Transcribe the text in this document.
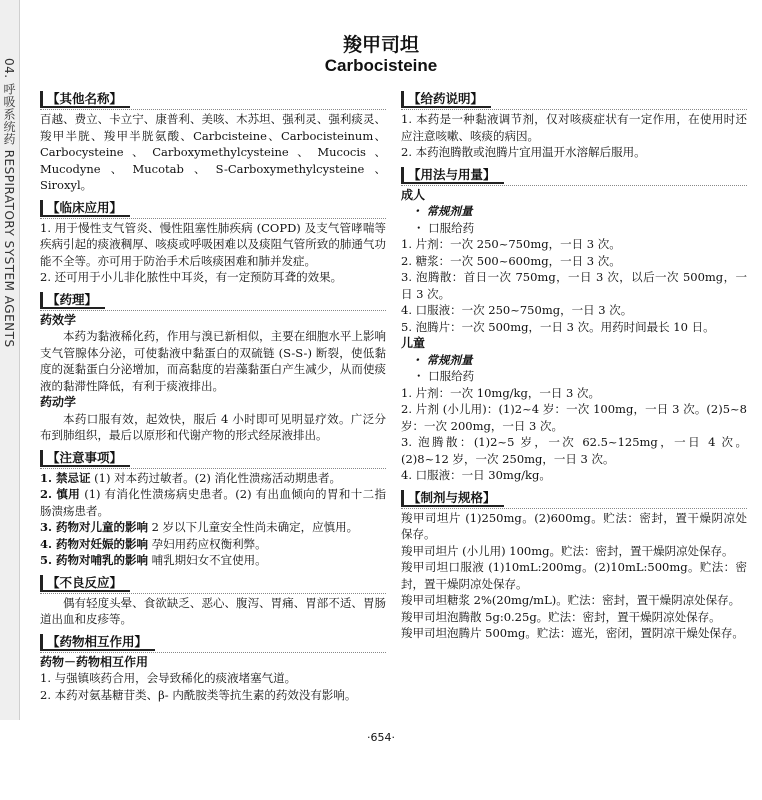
04. 呼吸系统药 RESPIRATORY SYSTEM AGENTS
羧甲司坦
Carbocisteine
【其他名称】

百越、费立、卡立宁、康普利、美咳、木苏坦、强利灵、强利痰灵、羧甲半胱、羧甲半胱氨酸、Carbcisteine、Carbocisteinum、Carbocysteine、Carboxymethylcysteine、Mucocis、Mucodyne、Mucotab、S-Carboxymethylcysteine、Siroxyl。

【临床应用】

1. 用于慢性支气管炎、慢性阻塞性肺疾病 (COPD) 及支气管哮喘等疾病引起的痰液稠厚、咳痰或呼吸困难以及痰阻气管所致的肺通气功能不全等。亦可用于防治手术后咳痰困难和肺并发症。

2. 还可用于小儿非化脓性中耳炎，有一定预防耳聋的效果。

【药理】
药效学

本药为黏液稀化药，作用与溴已新相似，主要在细胞水平上影响支气管腺体分泌，可使黏液中黏蛋白的双硫链 (S-S-) 断裂，使低黏度的涎黏蛋白分泌增加，而高黏度的岩藻黏蛋白产生减少，从而使痰液的黏滞性降低，有利于痰液排出。

药动学

本药口服有效，起效快，服后 4 小时即可见明显疗效。广泛分布到肺组织，最后以原形和代谢产物的形式经尿液排出。

【注意事项】

1. 禁忌证 (1) 对本药过敏者。(2) 消化性溃疡活动期患者。

2. 慎用 (1) 有消化性溃疡病史患者。(2) 有出血倾向的胃和十二指肠溃疡患者。

3. 药物对儿童的影响 2 岁以下儿童安全性尚未确定，应慎用。

4. 药物对妊娠的影响 孕妇用药应权衡利弊。

5. 药物对哺乳的影响 哺乳期妇女不宜使用。

【不良反应】

偶有轻度头晕、食欲缺乏、恶心、腹泻、胃痛、胃部不适、胃肠道出血和皮疹等。

【药物相互作用】
药物－药物相互作用

1. 与强镇咳药合用，会导致稀化的痰液堵塞气道。

2. 本药对氨基糖苷类、β- 内酰胺类等抗生素的药效没有影响。

【给药说明】

1. 本药是一种黏液调节剂，仅对咳痰症状有一定作用，在使用时还应注意咳嗽、咳痰的病因。

2. 本药泡腾散或泡腾片宜用温开水溶解后服用。

【用法与用量】
成人
・ 常规剂量
・ 口服给药

1. 片剂：一次 250~750mg，一日 3 次。

2. 糖浆：一次 500~600mg，一日 3 次。

3. 泡腾散：首日一次 750mg，一日 3 次，以后一次 500mg，一日 3 次。

4. 口服液：一次 250~750mg，一日 3 次。

5. 泡腾片：一次 500mg，一日 3 次。用药时间最长 10 日。

儿童
・ 常规剂量
・ 口服给药

1. 片剂：一次 10mg/kg，一日 3 次。

2. 片剂 (小儿用)：(1)2~4 岁：一次 100mg，一日 3 次。(2)5~8 岁：一次 200mg，一日 3 次。

3. 泡腾散：(1)2~5 岁，一次 62.5~125mg，一日 4 次。(2)8~12 岁，一次 250mg，一日 3 次。

4. 口服液：一日 30mg/kg。

【制剂与规格】

羧甲司坦片 (1)250mg。(2)600mg。贮法：密封，置干燥阴凉处保存。

羧甲司坦片 (小儿用) 100mg。贮法：密封，置干燥阴凉处保存。

羧甲司坦口服液 (1)10mL:200mg。(2)10mL:500mg。贮法：密封，置干燥阴凉处保存。

羧甲司坦糖浆 2%(20mg/mL)。贮法：密封，置干燥阴凉处保存。

羧甲司坦泡腾散 5g:0.25g。贮法：密封，置干燥阴凉处保存。

羧甲司坦泡腾片 500mg。贮法：遮光，密闭，置阴凉干燥处保存。

·654·
